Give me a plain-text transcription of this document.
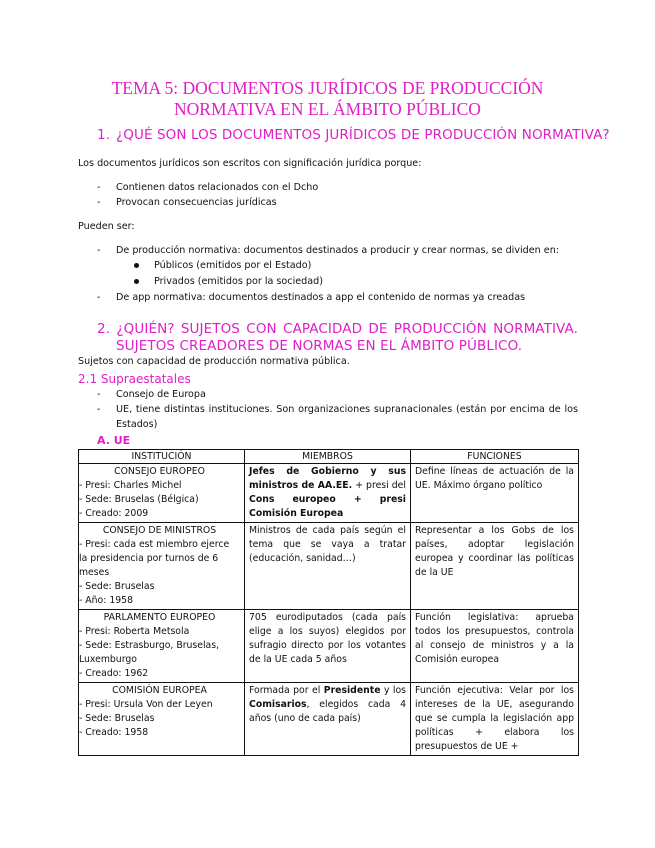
TEMA 5: DOCUMENTOS JURÍDICOS DE PRODUCCIÓN
NORMATIVA EN EL ÁMBITO PÚBLICO
1. ¿QUÉ SON LOS DOCUMENTOS JURÍDICOS DE PRODUCCIÓN NORMATIVA?
Los documentos jurídicos son escritos con significación jurídica porque:
- Contienen datos relacionados con el Dcho
- Provocan consecuencias jurídicas
Pueden ser:
- De producción normativa: documentos destinados a producir y crear normas, se dividen en:
Públicos (emitidos por el Estado)
Privados (emitidos por la sociedad)
- De app normativa: documentos destinados a app el contenido de normas ya creadas
2. ¿QUIÉN? SUJETOS CON CAPACIDAD DE PRODUCCIÓN NORMATIVA.
SUJETOS CREADORES DE NORMAS EN EL ÁMBITO PÚBLICO.
Sujetos con capacidad de producción normativa pública.
2.1 Supraestatales
- Consejo de Europa
- UE, tiene distintas instituciones. Son organizaciones supranacionales (están por encima de los
Estados)
A. UE
INSTITUCIÓN	MIEMBROS	FUNCIONES

CONSEJO EUROPEO
- Presi: Charles Michel
- Sede: Bruselas (Bélgica)
- Creado: 2009	Jefes de Gobierno y sus ministros de AA.EE. + presi del Cons europeo + presi Comisión Europea	Define líneas de actuación de la UE. Máximo órgano político

CONSEJO DE MINISTROS
- Presi: cada est miembro ejerce la presidencia por turnos de 6 meses
- Sede: Bruselas
- Año: 1958	Ministros de cada país según el tema que se vaya a tratar (educación, sanidad…)	Representar a los Gobs de los países, adoptar legislación europea y coordinar las políticas de la UE

PARLAMENTO EUROPEO
- Presi: Roberta Metsola
- Sede: Estrasburgo, Bruselas, Luxemburgo
- Creado: 1962	705 eurodiputados (cada país elige a los suyos) elegidos por sufragio directo por los votantes de la UE cada 5 años	Función legislativa: aprueba todos los presupuestos, controla al consejo de ministros y a la Comisión europea

COMISIÓN EUROPEA
- Presi: Ursula Von der Leyen
- Sede: Bruselas
- Creado: 1958	Formada por el Presidente y los Comisarios, elegidos cada 4 años (uno de cada país)	Función ejecutiva: Velar por los intereses de la UE, asegurando que se cumpla la legislación app políticas + elabora los presupuestos de UE +
